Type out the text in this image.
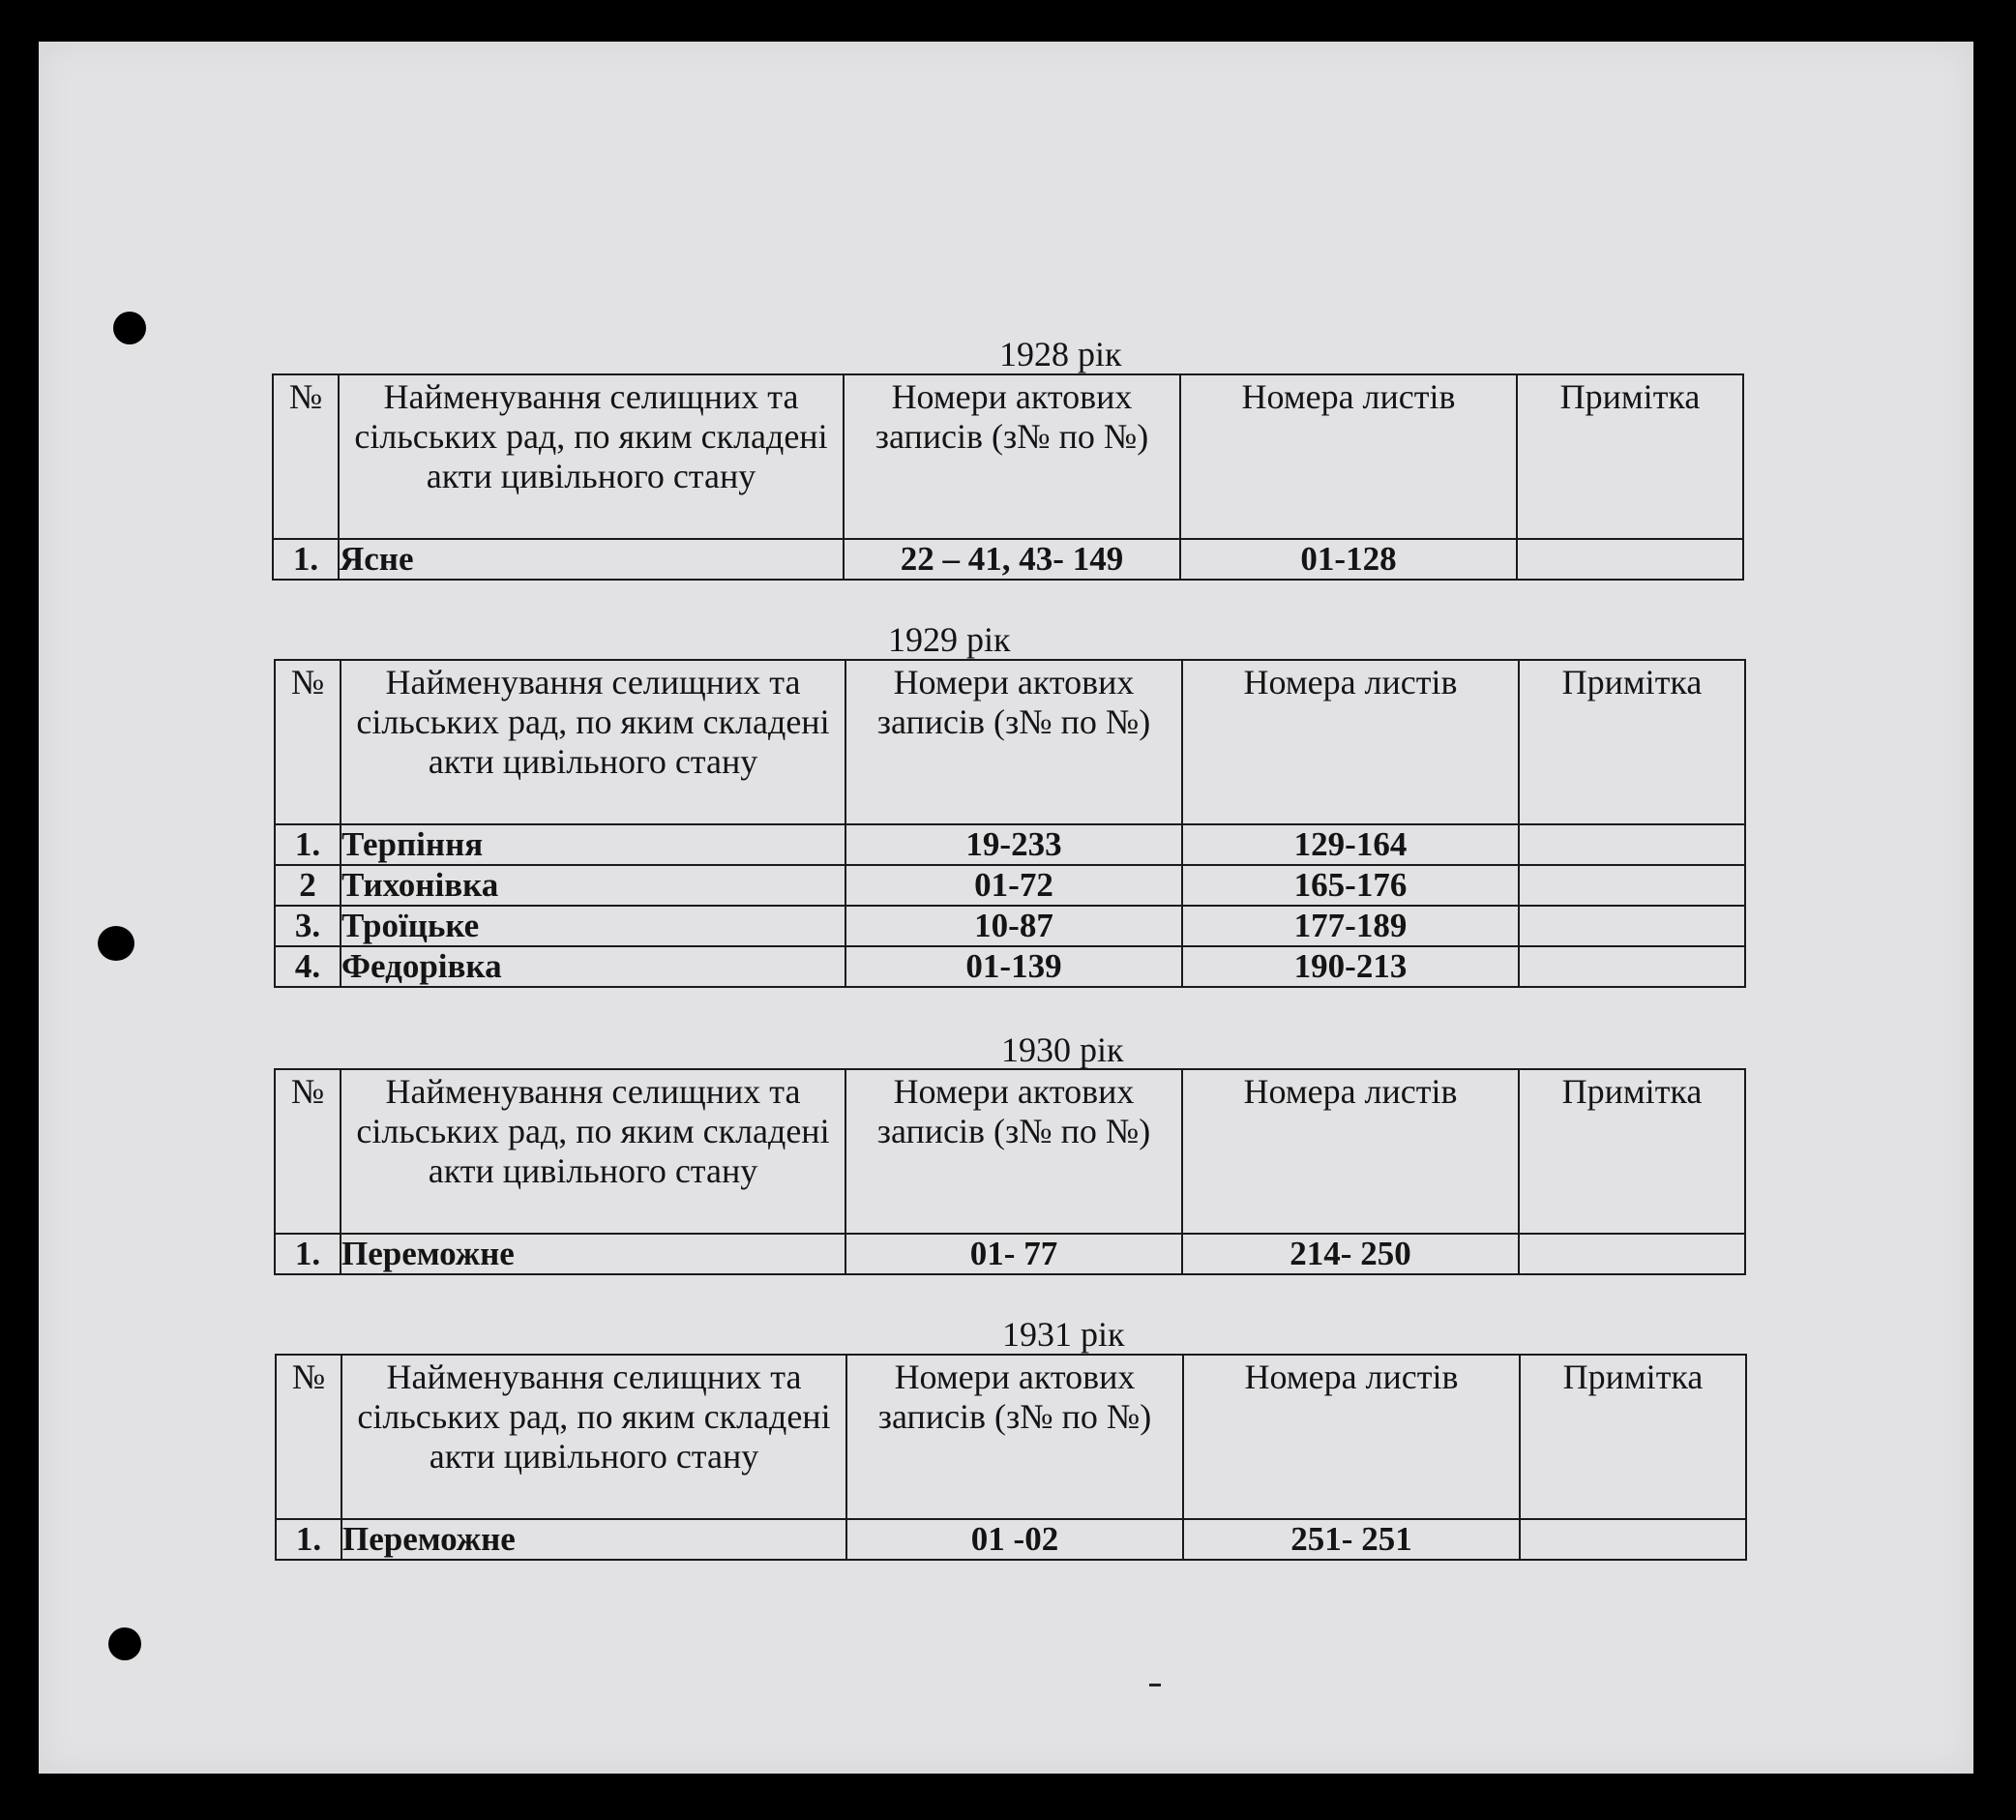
1928 рік
№	Найменування селищних та сільських рад, по яким складені акти цивільного стану	Номери актових записів (з№ по №)	Номера листів	Примітка
1.	Ясне	22 – 41, 43- 149	01-128	
1929 рік
№	Найменування селищних та сільських рад, по яким складені акти цивільного стану	Номери актових записів (з№ по №)	Номера листів	Примітка
1.	Терпіння	19-233	129-164	
2	Тихонівка	01-72	165-176	
3.	Троїцьке	10-87	177-189	
4.	Федорівка	01-139	190-213	
1930 рік
№	Найменування селищних та сільських рад, по яким складені акти цивільного стану	Номери актових записів (з№ по №)	Номера листів	Примітка
1.	Переможне	01- 77	214- 250	
1931 рік
№	Найменування селищних та сільських рад, по яким складені акти цивільного стану	Номери актових записів (з№ по №)	Номера листів	Примітка
1.	Переможне	01 -02	251- 251	
